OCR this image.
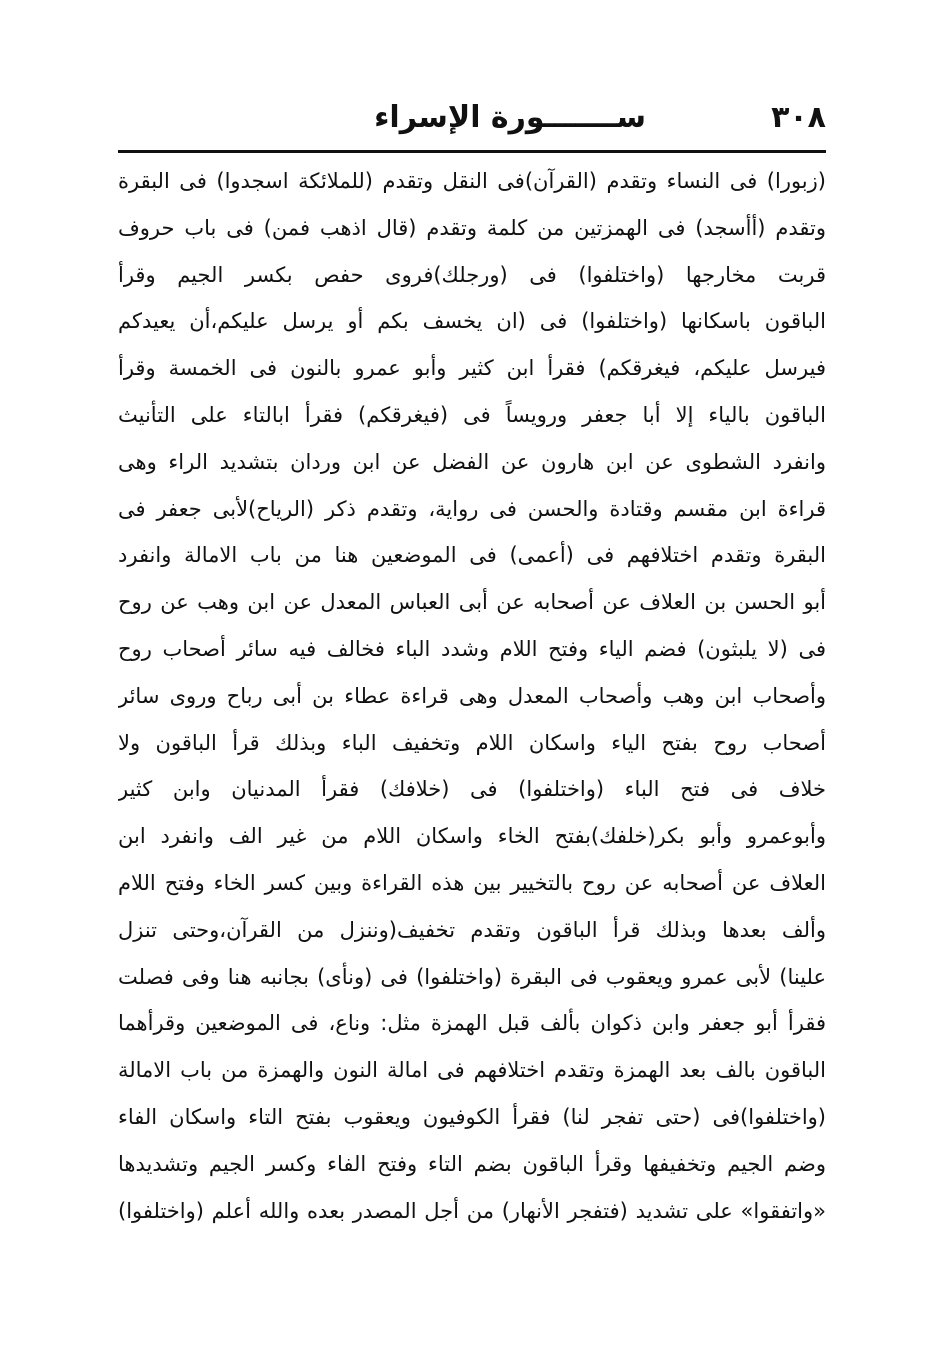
٣٠٨
ســـــــورة الإسراء
(زبورا) فى النساء وتقدم (القرآن)فى النقل وتقدم (للملائكة اسجدوا) فى البقرة
وتقدم (أأسجد) فى الهمزتين من كلمة وتقدم (قال اذهب فمن) فى باب حروف
قربت مخارجها (واختلفوا) فى (ورجلك)فروى حفص بكسر الجيم وقرأ
الباقون باسكانها (واختلفوا) فى (ان يخسف بكم أو يرسل عليكم،أن يعيدكم
فيرسل عليكم، فيغرقكم) فقرأ ابن كثير وأبو عمرو بالنون فى الخمسة وقرأ
الباقون بالياء إلا أبا جعفر ورويساً فى (فيغرقكم) فقرأ ابالتاء على التأنيث
وانفرد الشطوى عن ابن هارون عن الفضل عن ابن وردان بتشديد الراء وهى
قراءة ابن مقسم وقتادة والحسن فى رواية، وتقدم ذكر (الرياح)لأبى جعفر فى
البقرة وتقدم اختلافهم فى (أعمى) فى الموضعين هنا من باب الامالة وانفرد
أبو الحسن بن العلاف عن أصحابه عن أبى العباس المعدل عن ابن وهب عن روح
فى (لا يلبثون) فضم الياء وفتح اللام وشدد الباء فخالف فيه سائر أصحاب روح
وأصحاب ابن وهب وأصحاب المعدل وهى قراءة عطاء بن أبى رباح وروى سائر
أصحاب روح بفتح الياء واسكان اللام وتخفيف الباء وبذلك قرأ الباقون ولا
خلاف فى فتح الباء (واختلفوا) فى (خلافك) فقرأ المدنيان وابن كثير
وأبوعمرو وأبو بكر(خلفك)بفتح الخاء واسكان اللام من غير الف وانفرد ابن
العلاف عن أصحابه عن روح بالتخيير بين هذه القراءة وبين كسر الخاء وفتح اللام
وألف بعدها وبذلك قرأ الباقون وتقدم تخفيف(وننزل من القرآن،وحتى تنزل
علينا) لأبى عمرو ويعقوب فى البقرة (واختلفوا) فى (ونأى) بجانبه هنا وفى فصلت
فقرأ أبو جعفر وابن ذكوان بألف قبل الهمزة مثل: وناع، فى الموضعين وقرأهما
الباقون بالف بعد الهمزة وتقدم اختلافهم فى امالة النون والهمزة من باب الامالة
(واختلفوا)فى (حتى تفجر لنا) فقرأ الكوفيون ويعقوب بفتح التاء واسكان الفاء
وضم الجيم وتخفيفها وقرأ الباقون بضم التاء وفتح الفاء وكسر الجيم وتشديدها
«واتفقوا» على تشديد (فتفجر الأنهار) من أجل المصدر بعده والله أعلم (واختلفوا)
